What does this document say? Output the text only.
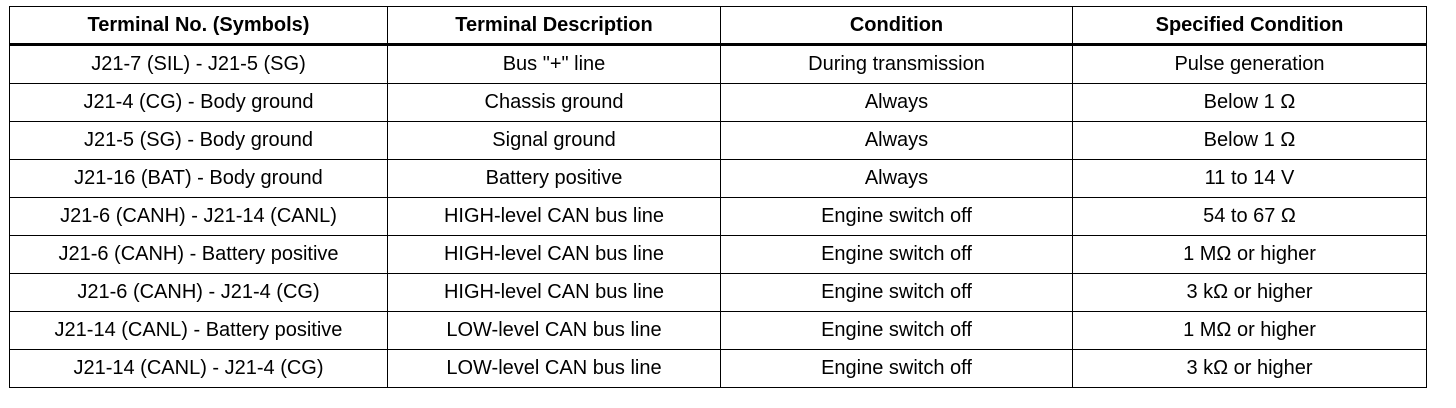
Terminal No. (Symbols)	Terminal Description	Condition	Specified Condition
J21-7 (SIL) - J21-5 (SG)	Bus "+" line	During transmission	Pulse generation
J21-4 (CG) - Body ground	Chassis ground	Always	Below 1 Ω
J21-5 (SG) - Body ground	Signal ground	Always	Below 1 Ω
J21-16 (BAT) - Body ground	Battery positive	Always	11 to 14 V
J21-6 (CANH) - J21-14 (CANL)	HIGH-level CAN bus line	Engine switch off	54 to 67 Ω
J21-6 (CANH) - Battery positive	HIGH-level CAN bus line	Engine switch off	1 MΩ or higher
J21-6 (CANH) - J21-4 (CG)	HIGH-level CAN bus line	Engine switch off	3 kΩ or higher
J21-14 (CANL) - Battery positive	LOW-level CAN bus line	Engine switch off	1 MΩ or higher
J21-14 (CANL) - J21-4 (CG)	LOW-level CAN bus line	Engine switch off	3 kΩ or higher
